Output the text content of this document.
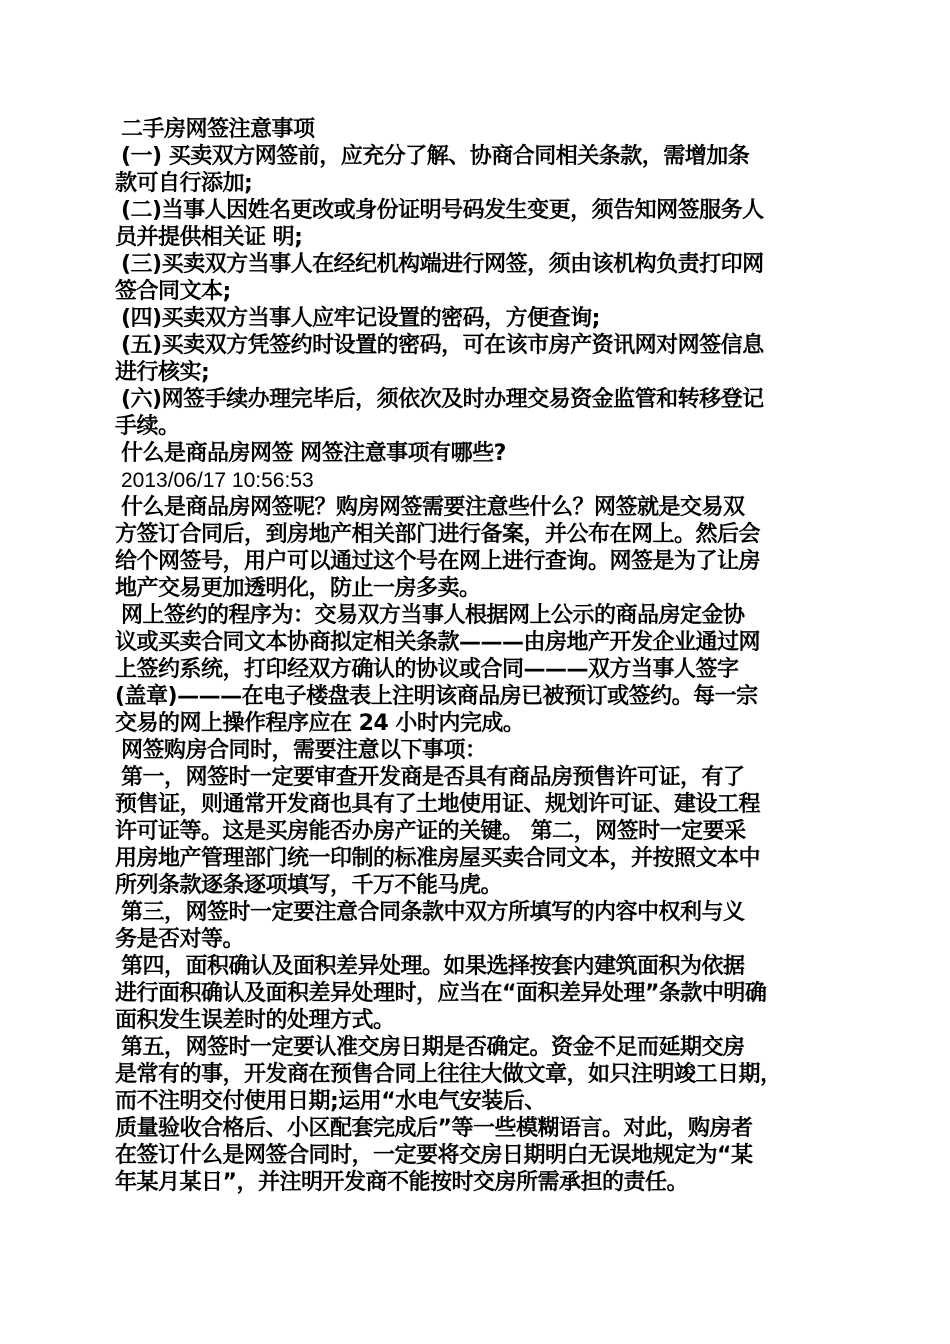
二手房网签注意事项
(一) 买卖双方网签前，应充分了解、协商合同相关条款，需增加条
款可自行添加;
(二)当事人因姓名更改或身份证明号码发生变更，须告知网签服务人
员并提供相关证 明;
(三)买卖双方当事人在经纪机构端进行网签，须由该机构负责打印网
签合同文本;
(四)买卖双方当事人应牢记设置的密码，方便查询;
(五)买卖双方凭签约时设置的密码，可在该市房产资讯网对网签信息
进行核实;
(六)网签手续办理完毕后，须依次及时办理交易资金监管和转移登记
手续。
什么是商品房网签 网签注意事项有哪些?
2013/06/17 10:56:53
什么是商品房网签呢？购房网签需要注意些什么？网签就是交易双
方签订合同后，到房地产相关部门进行备案，并公布在网上。然后会
给个网签号，用户可以通过这个号在网上进行查询。网签是为了让房
地产交易更加透明化，防止一房多卖。
网上签约的程序为：交易双方当事人根据网上公示的商品房定金协
议或买卖合同文本协商拟定相关条款———由房地产开发企业通过网
上签约系统，打印经双方确认的协议或合同———双方当事人签字
(盖章)———在电子楼盘表上注明该商品房已被预订或签约。每一宗
交易的网上操作程序应在 24 小时内完成。
网签购房合同时，需要注意以下事项：
第一，网签时一定要审查开发商是否具有商品房预售许可证，有了
预售证，则通常开发商也具有了土地使用证、规划许可证、建设工程
许可证等。这是买房能否办房产证的关键。 第二，网签时一定要采
用房地产管理部门统一印制的标准房屋买卖合同文本，并按照文本中
所列条款逐条逐项填写，千万不能马虎。
第三，网签时一定要注意合同条款中双方所填写的内容中权利与义
务是否对等。
第四，面积确认及面积差异处理。如果选择按套内建筑面积为依据
进行面积确认及面积差异处理时，应当在“面积差异处理”条款中明确
面积发生误差时的处理方式。
第五，网签时一定要认准交房日期是否确定。资金不足而延期交房
是常有的事，开发商在预售合同上往往大做文章，如只注明竣工日期，
而不注明交付使用日期;运用“水电气安装后、
质量验收合格后、小区配套完成后”等一些模糊语言。对此，购房者
在签订什么是网签合同时，一定要将交房日期明白无误地规定为“某
年某月某日”，并注明开发商不能按时交房所需承担的责任。
